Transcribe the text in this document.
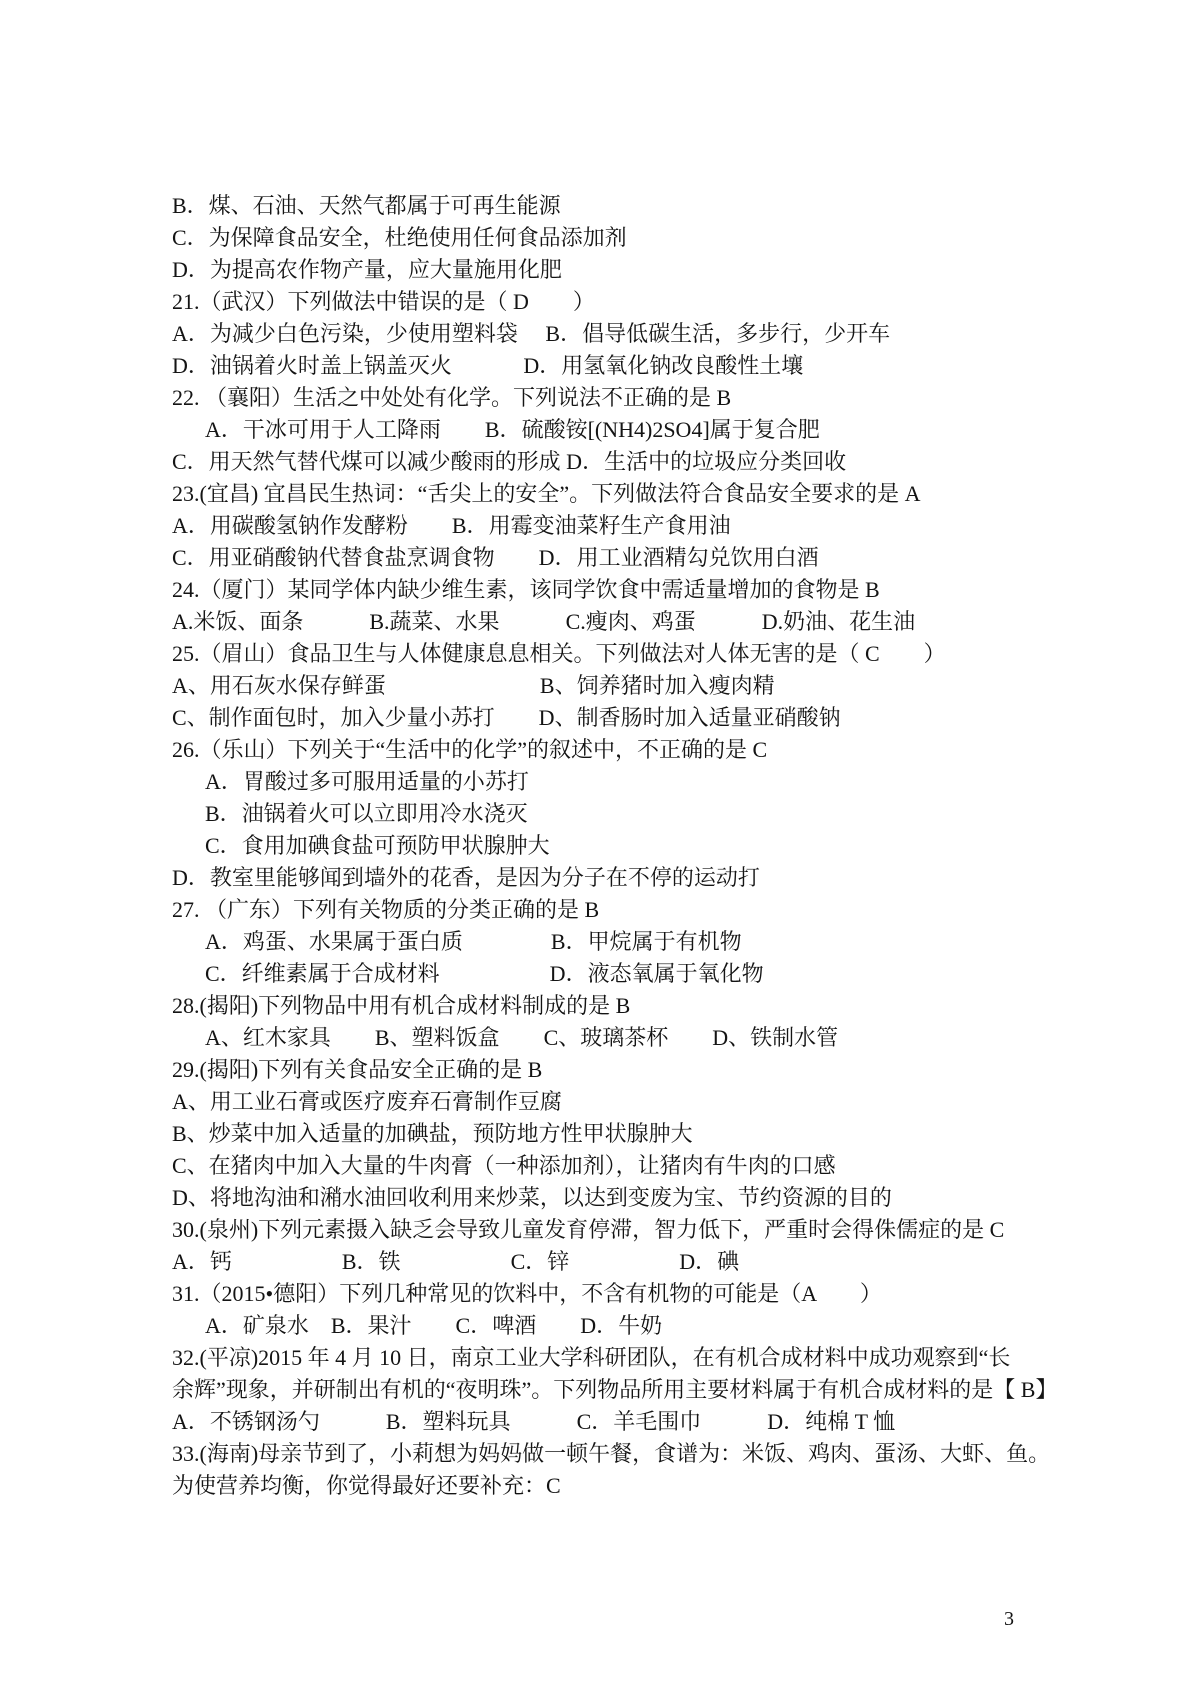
B．煤、石油、天然气都属于可再生能源
C．为保障食品安全，杜绝使用任何食品添加剂
D．为提高农作物产量，应大量施用化肥
21.（武汉）下列做法中错误的是（ D　　）
A．为减少白色污染，少使用塑料袋　 B．倡导低碳生活，多步行，少开车
D．油锅着火时盖上锅盖灭火　　　 D．用氢氧化钠改良酸性土壤
22. （襄阳）生活之中处处有化学。下列说法不正确的是 B
A．干冰可用于人工降雨　　B．硫酸铵[(NH4)2SO4]属于复合肥
C．用天然气替代煤可以减少酸雨的形成 D．生活中的垃圾应分类回收
23.(宜昌) 宜昌民生热词：“舌尖上的安全”。下列做法符合食品安全要求的是 A
A．用碳酸氢钠作发酵粉　　B．用霉变油菜籽生产食用油
C．用亚硝酸钠代替食盐烹调食物　　D．用工业酒精勾兑饮用白酒
24.（厦门）某同学体内缺少维生素，该同学饮食中需适量增加的食物是 B
A.米饭、面条　　　B.蔬菜、水果　　　C.瘦肉、鸡蛋　　　D.奶油、花生油
25.（眉山）食品卫生与人体健康息息相关。下列做法对人体无害的是（ C　　）
A、用石灰水保存鲜蛋　　　　　　　B、饲养猪时加入瘦肉精
C、制作面包时，加入少量小苏打　　D、制香肠时加入适量亚硝酸钠
26.（乐山）下列关于“生活中的化学”的叙述中，不正确的是 C
A．胃酸过多可服用适量的小苏打
B．油锅着火可以立即用冷水浇灭
C．食用加碘食盐可预防甲状腺肿大
D．教室里能够闻到墙外的花香，是因为分子在不停的运动打
27. （广东）下列有关物质的分类正确的是 B
A．鸡蛋、水果属于蛋白质　　　　B．甲烷属于有机物
C．纤维素属于合成材料　　　　　D．液态氧属于氧化物
28.(揭阳)下列物品中用有机合成材料制成的是 B
A、红木家具　　B、塑料饭盒　　C、玻璃茶杯　　D、铁制水管
29.(揭阳)下列有关食品安全正确的是 B
A、用工业石膏或医疗废弃石膏制作豆腐
B、炒菜中加入适量的加碘盐，预防地方性甲状腺肿大
C、在猪肉中加入大量的牛肉膏（一种添加剂），让猪肉有牛肉的口感
D、将地沟油和潲水油回收利用来炒菜，以达到变废为宝、节约资源的目的
30.(泉州)下列元素摄入缺乏会导致儿童发育停滞，智力低下，严重时会得侏儒症的是 C
A．钙　　　　　B．铁　　　　　C．锌　　　　　D．碘
31.（2015•德阳）下列几种常见的饮料中，不含有机物的可能是（A　　）
A．矿泉水　B．果汁　　C．啤酒　　D．牛奶
32.(平凉)2015 年 4 月 10 日，南京工业大学科研团队，在有机合成材料中成功观察到“长
余辉”现象，并研制出有机的“夜明珠”。下列物品所用主要材料属于有机合成材料的是【 B】
A．不锈钢汤勺　　　B．塑料玩具　　　C．羊毛围巾　　　D．纯棉 T 恤
33.(海南)母亲节到了，小莉想为妈妈做一顿午餐，食谱为：米饭、鸡肉、蛋汤、大虾、鱼。
为使营养均衡，你觉得最好还要补充：C
3
